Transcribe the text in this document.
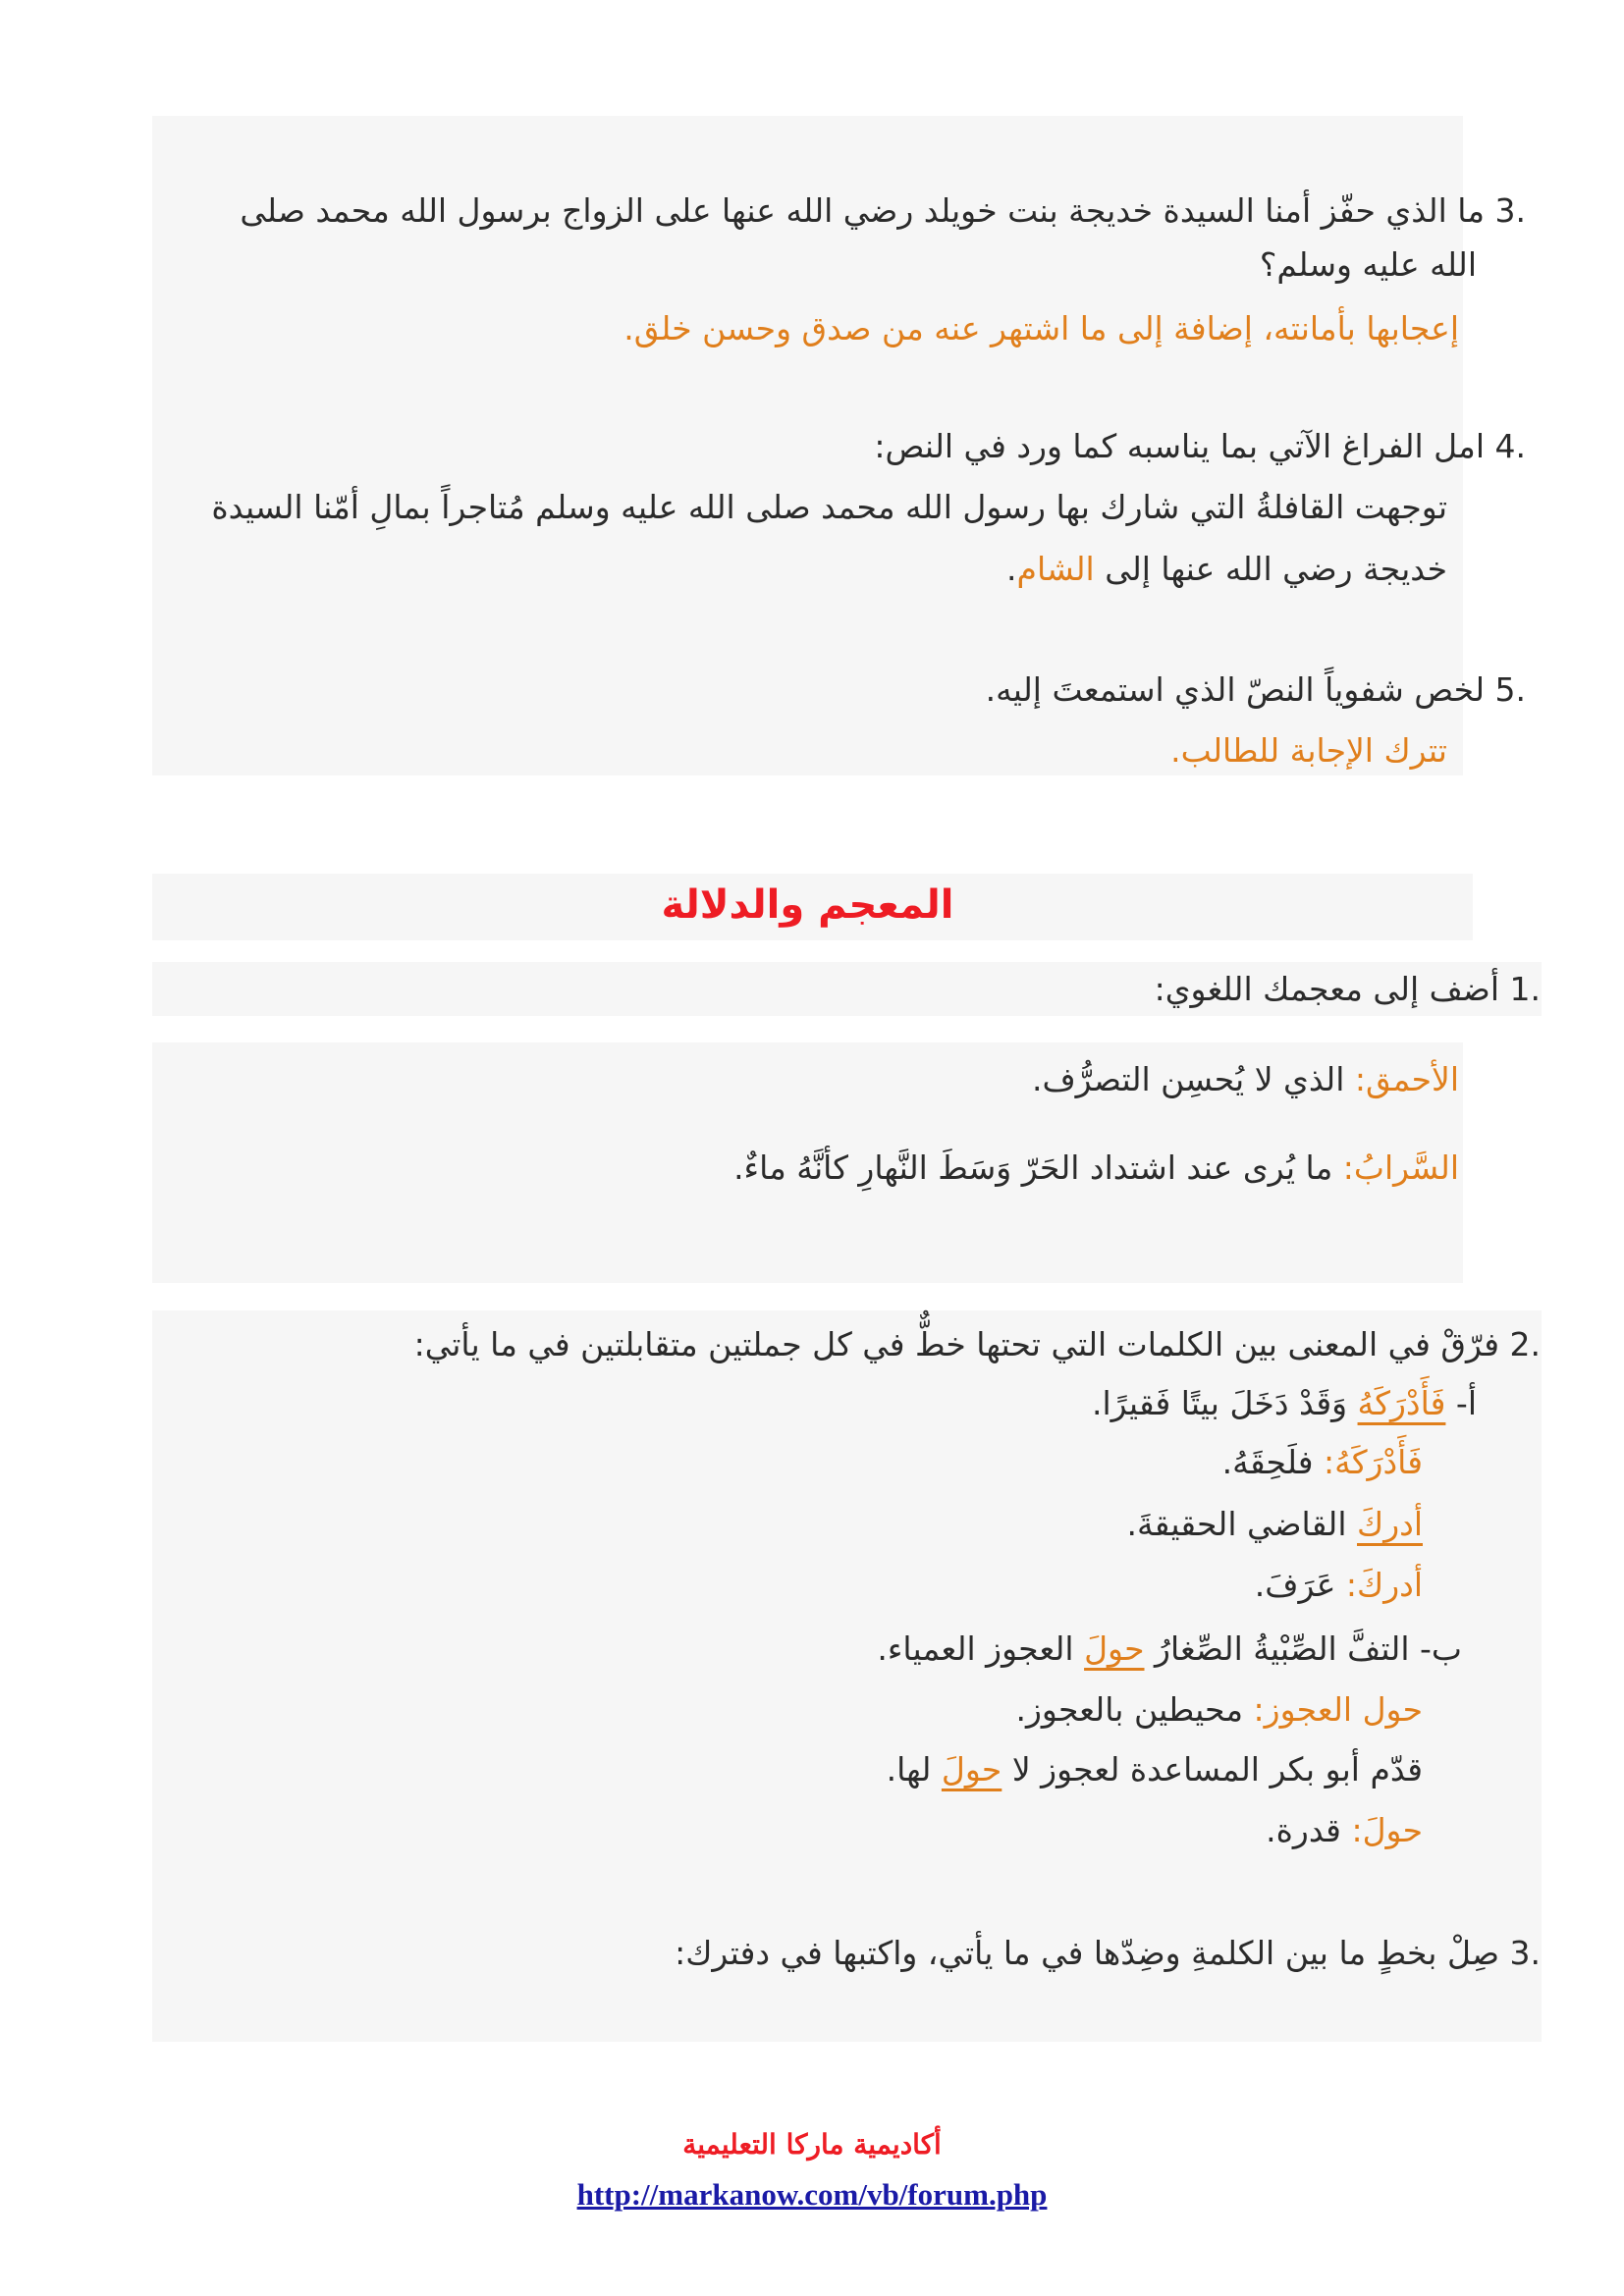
3. ما الذي حفّز أمنا السيدة خديجة بنت خويلد رضي الله عنها على الزواج برسول الله محمد صلى
الله عليه وسلم؟
إعجابها بأمانته، إضافة إلى ما اشتهر عنه من صدق وحسن خلق.
4. امل الفراغ الآتي بما يناسبه كما ورد في النص:
توجهت القافلةُ التي شارك بها رسول الله محمد صلى الله عليه وسلم مُتاجراً بمالِ أمّنا السيدة
خديجة رضي الله عنها إلى الشام.
5. لخص شفوياً النصّ الذي استمعتَ إليه.
تترك الإجابة للطالب.
المعجم والدلالة
1. أضف إلى معجمك اللغوي:
الأحمق: الذي لا يُحسِن التصرُّف.
السَّرابُ: ما يُرى عند اشتداد الحَرّ وَسَطَ النَّهارِ كأنَّهُ ماءٌ.
2. فرّقْ في المعنى بين الكلمات التي تحتها خطٌّ في كل جملتين متقابلتين في ما يأتي:
أ- فَأَدْرَكَهُ وَقَدْ دَخَلَ بيتًا فَقيرًا.
فَأَدْرَكَهُ: فلَحِقَهُ.
أدركَ القاضي الحقيقةَ.
أدركَ: عَرَفَ.
ب- التفَّ الصِّبْيةُ الصِّغارُ حولَ العجوز العمياء.
حول العجوز: محيطين بالعجوز.
قدّم أبو بكر المساعدة لعجوز لا حولَ لها.
حولَ: قدرة.
3. صِلْ بخطٍ ما بين الكلمةِ وضِدّها في ما يأتي، واكتبها في دفترك:
أكاديمية ماركا التعليمية
http://markanow.com/vb/forum.php
